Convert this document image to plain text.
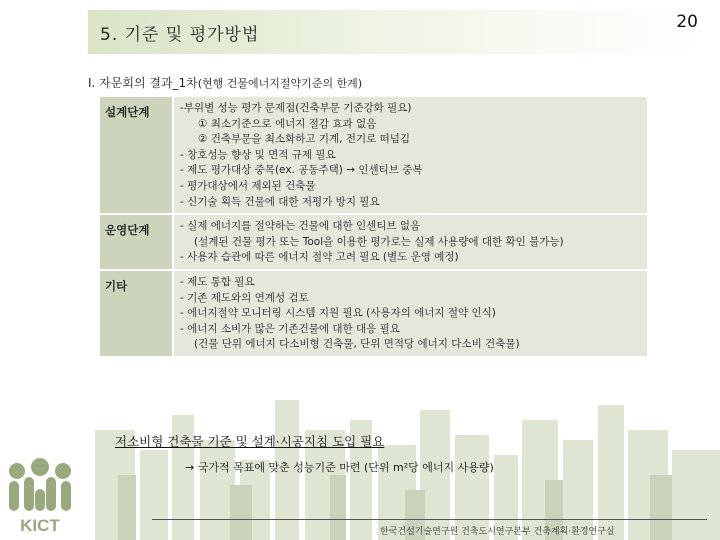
5. 기준 및 평가방법
20
I. 자문회의 결과_1차(현행 건물에너지절약기준의 한계)
설계단계	-부위별 성능 평가 문제점(건축부문 기준강화 필요)
① 최소기준으로 에너지 절감 효과 없음
② 건축부문을 최소화하고 기계, 전기로 떠넘김
- 창호성능 향상 및 면적 규제 필요
- 제도 평가대상 중목(ex. 공동주택) → 인센티브 중복
- 평가대상에서 제외된 건축물
- 신기술 획득 건물에 대한 저평가 방지 필요
운영단계	- 실제 에너지를 절약하는 건물에 대한 인센티브 없음
(설계된 건물 평가 또는 Tool을 이용한 평가로는 실제 사용량에 대한 확인 불가능)
- 사용자 습관에 따른 에너지 절약 고려 필요 (별도 운영 예정)
기타	- 제도 통합 필요
- 기존 제도와의 연계성 검토
- 에너지절약 모니터링 시스템 지원 필요 (사용자의 에너지 절약 인식)
- 에너지 소비가 많은 기존건물에 대한 대응 필요
(건물 단위 에너지 다소비형 건축물, 단위 면적당 에너지 다소비 건축물)
저소비형 건축물 기준 및 설계·시공지침 도입 필요
→ 국가적 목표에 맞춘 성능기준 마련 (단위 m²당 에너지 사용량)
KICT	한국건설기술연구원 건축도시연구본부 건축계획·환경연구실
